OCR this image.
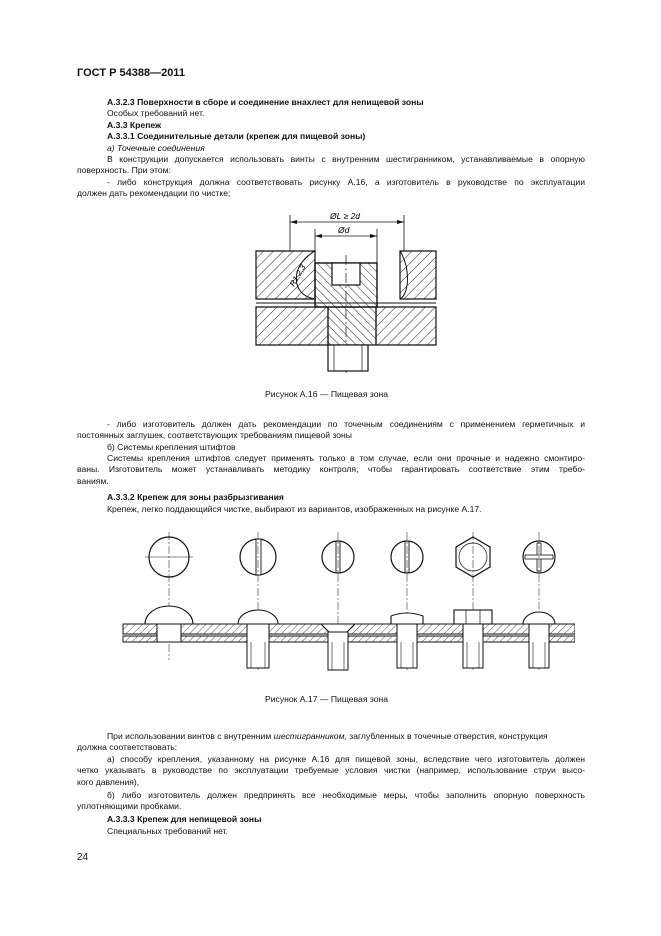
ГОСТ Р 54388—2011
А.3.2.3 Поверхности в сборе и соединение внахлест для непищевой зоны
Особых требований нет.
А.3.3 Крепеж
А.3.3.1 Соединительные детали (крепеж для пищевой зоны)
а) Точечные соединения
В конструкции допускается использовать винты с внутренним шестигранником, устанавливаемые в опорную
поверхность. При этом:
- либо конструкция должна соответствовать рисунку А.16, а изготовитель в руководстве по эксплуатации
должен дать рекомендации по чистке;
ØL ≥ 2d
Ød
R1,2,3
Рисунок А.16 — Пищевая зона
- либо изготовитель должен дать рекомендации по точечным соединениям с применением герметичных и
постоянных заглушек, соответствующих требованиям пищевой зоны
б) Системы крепления штифтов
Системы крепления штифтов следует применять только в том случае, если они прочные и надежно смонтиро-
ваны. Изготовитель может устанавливать методику контроля, чтобы гарантировать соответствие этим требо-
ваниям.
А.3.3.2 Крепеж для зоны разбрызгивания
Крепеж, легко поддающийся чистке, выбирают из вариантов, изображенных на рисунке А.17.
Рисунок А.17 — Пищевая зона
При использовании винтов с внутренним шестигранником, заглубленных в точечные отверстия, конструкция
должна соответствовать:
а) способу крепления, указанному на рисунке А.16 для пищевой зоны, вследствие чего изготовитель должен
четко указывать в руководстве по эксплуатации требуемые условия чистки (например, использование струи высо-
кого давления),
б) либо изготовитель должен предпринять все необходимые меры, чтобы заполнить опорную поверхность
уплотняющими пробками.
А.3.3.3 Крепеж для непищевой зоны
Специальных требований нет.
24
